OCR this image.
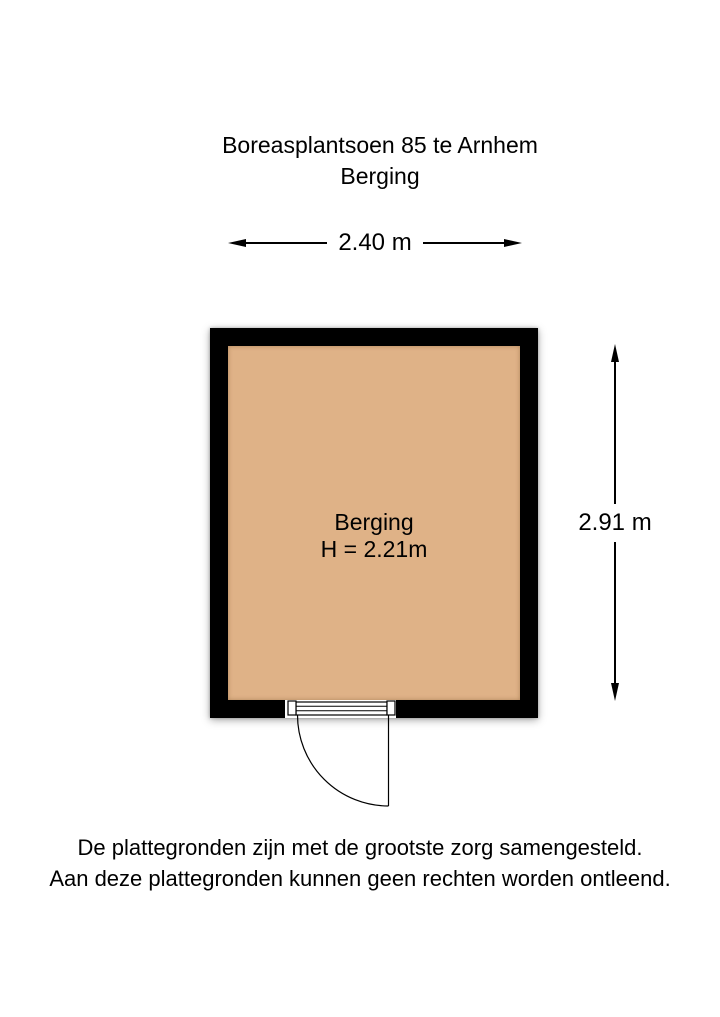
Boreasplantsoen 85 te Arnhem
Berging
2.40 m
Berging
H = 2.21m
2.91 m
De plattegronden zijn met de grootste zorg samengesteld.
Aan deze plattegronden kunnen geen rechten worden ontleend.
